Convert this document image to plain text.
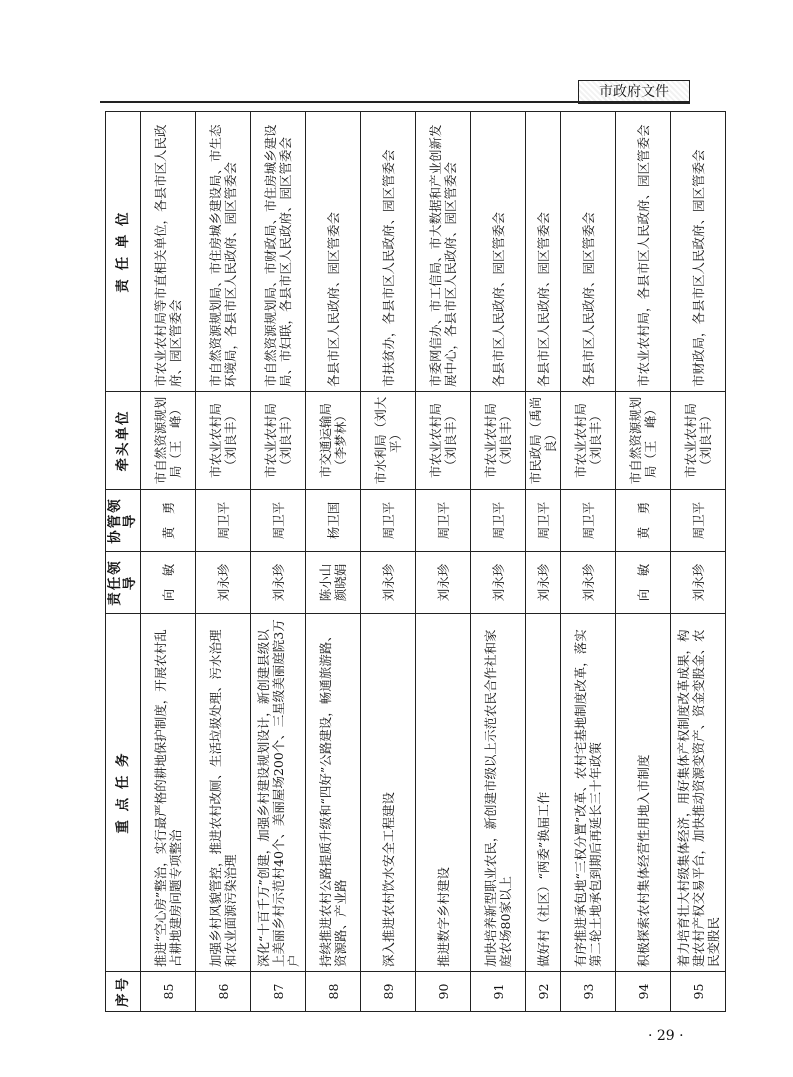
市政府文件
序号	重 点 任 务	责任领导	协管领导	牵头单位	责 任 单 位
85	推进“空心房”整治，实行最严格的耕地保护制度，开展农村乱占耕地建房问题专项整治	向　敏	黄　勇	市自然资源规划局（王　峰）	市农业农村局等市直相关单位，各县市区人民政府、园区管委会
86	加强乡村风貌管控，推进农村改厕、生活垃圾处理、污水治理和农业面源污染治理	刘永珍	周卫平	市农业农村局（刘良丰）	市自然资源规划局、市住房城乡建设局、市生态环境局，各县市区人民政府、园区管委会
87	深化“十百千万”创建，加强乡村建设规划设计，新创建县级以上美丽乡村示范村40个、美丽屋场200个、三星级美丽庭院3万户	刘永珍	周卫平	市农业农村局（刘良丰）	市自然资源规划局、市财政局、市住房城乡建设局、市妇联，各县市区人民政府、园区管委会
88	持续推进农村公路提质升级和“四好”公路建设，畅通旅游路、资源路、产业路	陈小山 颜晓娟	杨卫国	市交通运输局（李梦林）	各县市区人民政府、园区管委会
89	深入推进农村饮水安全工程建设	刘永珍	周卫平	市水利局（刘大平）	市扶贫办，各县市区人民政府、园区管委会
90	推进数字乡村建设	刘永珍	周卫平	市农业农村局（刘良丰）	市委网信办、市工信局、市大数据和产业创新发展中心，各县市区人民政府、园区管委会
91	加快培养新型职业农民，新创建市级以上示范农民合作社和家庭农场80家以上	刘永珍	周卫平	市农业农村局（刘良丰）	各县市区人民政府、园区管委会
92	做好村（社区）“两委”换届工作	刘永珍	周卫平	市民政局（禹尚良）	各县市区人民政府、园区管委会
93	有序推进承包地“三权分置”改革、农村宅基地制度改革，落实第二轮土地承包到期后再延长三十年政策	刘永珍	周卫平	市农业农村局（刘良丰）	各县市区人民政府、园区管委会
94	积极探索农村集体经营性用地入市制度	向　敏	黄　勇	市自然资源规划局（王　峰）	市农业农村局，各县市区人民政府、园区管委会
95	着力培育壮大村级集体经济，用好集体产权制度改革成果，构建农村产权交易平台，加快推动资源变资产、资金变股金、农民变股民	刘永珍	周卫平	市农业农村局（刘良丰）	市财政局，各县市区人民政府、园区管委会
· 29 ·
